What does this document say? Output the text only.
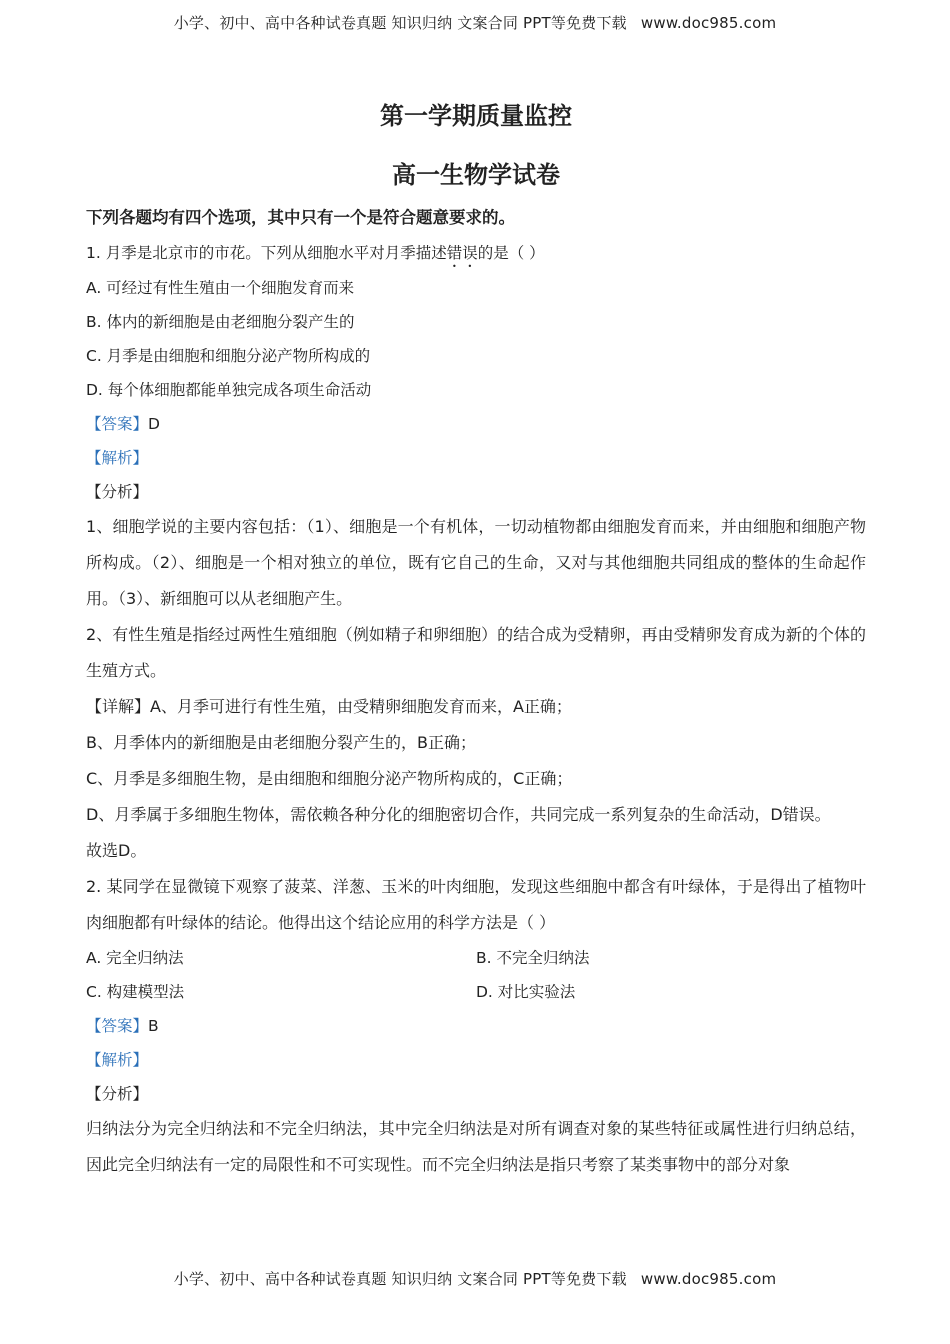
小学、初中、高中各种试卷真题 知识归纳 文案合同 PPT等免费下载 www.doc985.com
第一学期质量监控
高一生物学试卷
下列各题均有四个选项，其中只有一个是符合题意要求的。
1. 月季是北京市的市花。下列从细胞水平对月季描述错误的是（ ）
A. 可经过有性生殖由一个细胞发育而来
B. 体内的新细胞是由老细胞分裂产生的
C. 月季是由细胞和细胞分泌产物所构成的
D. 每个体细胞都能单独完成各项生命活动
【答案】D
【解析】
【分析】
1、细胞学说的主要内容包括：（1）、细胞是一个有机体，一切动植物都由细胞发育而来，并由细胞和细胞产物所构成。（2）、细胞是一个相对独立的单位，既有它自己的生命，又对与其他细胞共同组成的整体的生命起作用。（3）、新细胞可以从老细胞产生。
2、有性生殖是指经过两性生殖细胞（例如精子和卵细胞）的结合成为受精卵，再由受精卵发育成为新的个体的生殖方式。
【详解】A、月季可进行有性生殖，由受精卵细胞发育而来，A正确；
B、月季体内的新细胞是由老细胞分裂产生的，B正确；
C、月季是多细胞生物，是由细胞和细胞分泌产物所构成的，C正确；
D、月季属于多细胞生物体，需依赖各种分化的细胞密切合作，共同完成一系列复杂的生命活动，D错误。
故选D。
2. 某同学在显微镜下观察了菠菜、洋葱、玉米的叶肉细胞，发现这些细胞中都含有叶绿体，于是得出了植物叶肉细胞都有叶绿体的结论。他得出这个结论应用的科学方法是（ ）
A. 完全归纳法	B. 不完全归纳法
C. 构建模型法	D. 对比实验法
【答案】B
【解析】
【分析】
归纳法分为完全归纳法和不完全归纳法，其中完全归纳法是对所有调查对象的某些特征或属性进行归纳总结，因此完全归纳法有一定的局限性和不可实现性。而不完全归纳法是指只考察了某类事物中的部分对象
小学、初中、高中各种试卷真题 知识归纳 文案合同 PPT等免费下载 www.doc985.com
